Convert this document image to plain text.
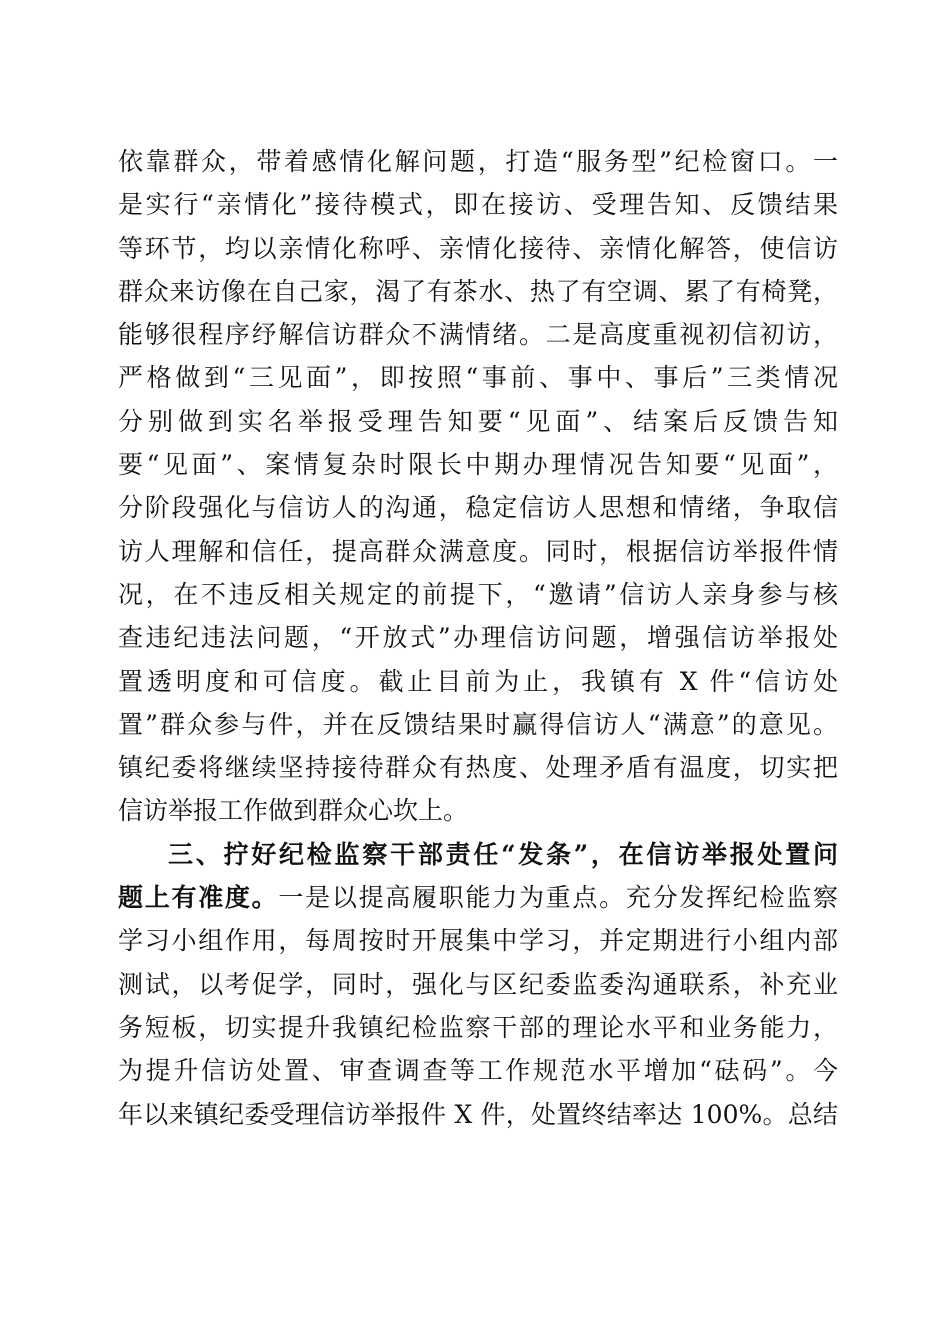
依靠群众，带着感情化解问题，打造“服务型”纪检窗口。一
是实行“亲情化”接待模式，即在接访、受理告知、反馈结果
等环节，均以亲情化称呼、亲情化接待、亲情化解答，使信访
群众来访像在自己家，渴了有茶水、热了有空调、累了有椅凳，
能够很程序纾解信访群众不满情绪。二是高度重视初信初访，
严格做到“三见面”，即按照“事前、事中、事后”三类情况
分别做到实名举报受理告知要“见面”、结案后反馈告知
要“见面”、案情复杂时限长中期办理情况告知要“见面”，
分阶段强化与信访人的沟通，稳定信访人思想和情绪，争取信
访人理解和信任，提高群众满意度。同时，根据信访举报件情
况，在不违反相关规定的前提下，“邀请”信访人亲身参与核
查违纪违法问题，“开放式”办理信访问题，增强信访举报处
置透明度和可信度。截止目前为止，我镇有 X 件“信访处
置”群众参与件，并在反馈结果时赢得信访人“满意”的意见。
镇纪委将继续坚持接待群众有热度、处理矛盾有温度，切实把
信访举报工作做到群众心坎上。
三、拧好纪检监察干部责任“发条”，在信访举报处置问
题上有准度。一是以提高履职能力为重点。充分发挥纪检监察
学习小组作用，每周按时开展集中学习，并定期进行小组内部
测试，以考促学，同时，强化与区纪委监委沟通联系，补充业
务短板，切实提升我镇纪检监察干部的理论水平和业务能力，
为提升信访处置、审查调查等工作规范水平增加“砝码”。今
年以来镇纪委受理信访举报件 X 件，处置终结率达 100%。总结
